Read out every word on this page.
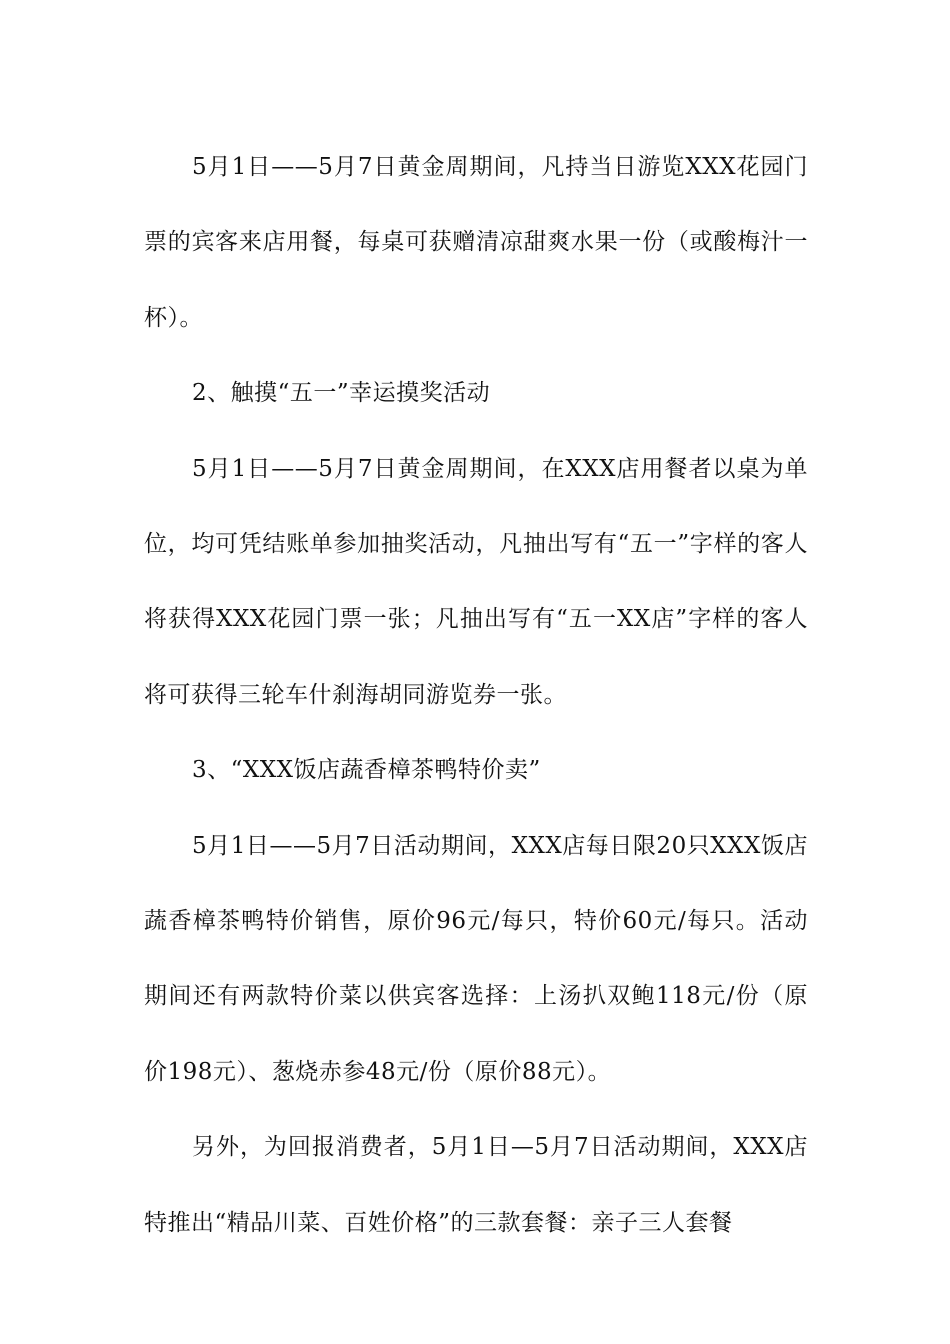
5月1日——5月7日黄金周期间，凡持当日游览XXX花园门票的宾客来店用餐，每桌可获赠清凉甜爽水果一份（或酸梅汁一杯）。

2、触摸“五一”幸运摸奖活动

5月1日——5月7日黄金周期间，在XXX店用餐者以桌为单位，均可凭结账单参加抽奖活动，凡抽出写有“五一”字样的客人将获得XXX花园门票一张；凡抽出写有“五一XX店”字样的客人将可获得三轮车什刹海胡同游览券一张。

3、“XXX饭店蔬香樟茶鸭特价卖”

5月1日——5月7日活动期间，XXX店每日限20只XXX饭店蔬香樟茶鸭特价销售，原价96元/每只，特价60元/每只。活动期间还有两款特价菜以供宾客选择：上汤扒双鲍118元/份（原价198元）、葱烧赤参48元/份（原价88元）。

另外，为回报消费者，5月1日—5月7日活动期间，XXX店特推出“精品川菜、百姓价格”的三款套餐：亲子三人套餐
